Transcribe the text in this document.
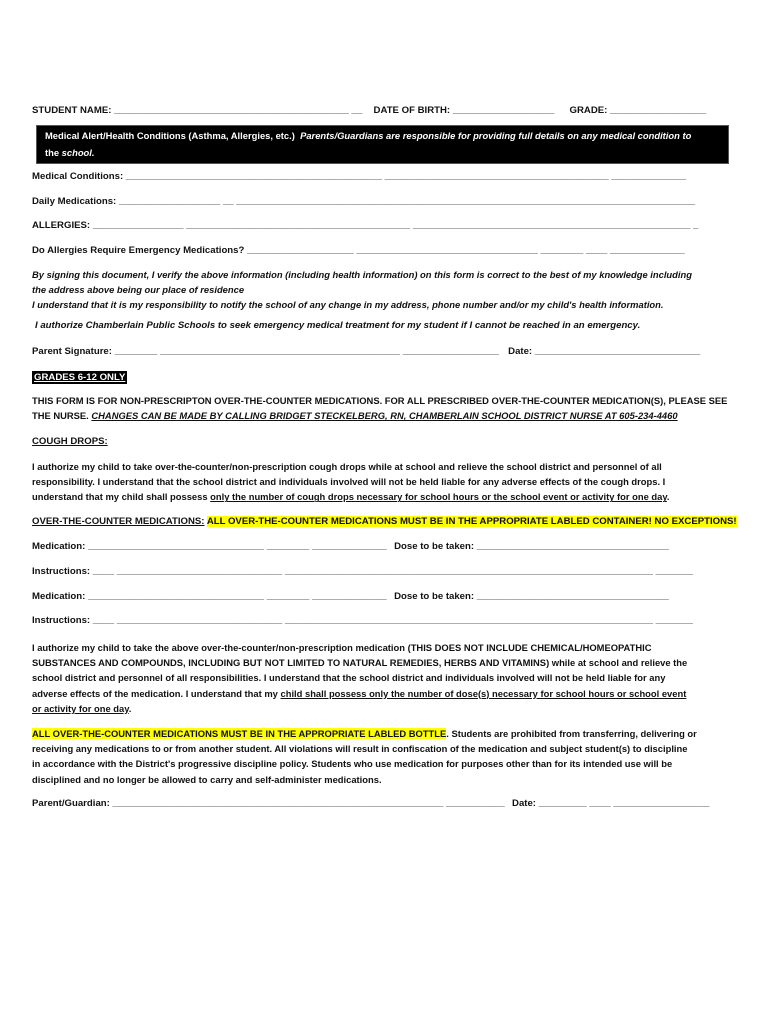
STUDENT NAME: ____________________________________________ __ DATE OF BIRTH: ___________________ GRADE: __________________

Medical Alert/Health Conditions (Asthma, Allergies, etc.) Parents/Guardians are responsible for providing full details on any medical condition to

the school.

Medical Conditions: ________________________________________________ __________________________________________ ______________
Daily Medications: ___________________ __ ______________________________________________________________________________________
ALLERGIES: _________________ __________________________________________ ____________________________________________________ _
Do Allergies Require Emergency Medications? ____________________ __________________________________ ________ ____ ______________

By signing this document, I verify the above information (including health information) on this form is correct to the best of my knowledge including

the address above being our place of residence

I understand that it is my responsibility to notify the school of any change in my address, phone number and/or my child's health information.

I authorize Chamberlain Public Schools to seek emergency medical treatment for my student if I cannot be reached in an emergency.
Parent Signature: ________ _____________________________________________ __________________ Date: _______________________________
GRADES 6-12 ONLY

THIS FORM IS FOR NON-PRESCRIPTON OVER-THE-COUNTER MEDICATIONS. FOR ALL PRESCRIBED OVER-THE-COUNTER MEDICATION(S), PLEASE SEE

THE NURSE. CHANGES CAN BE MADE BY CALLING BRIDGET STECKELBERG, RN, CHAMBERLAIN SCHOOL DISTRICT NURSE AT 605-234-4460

COUGH DROPS:

I authorize my child to take over-the-counter/non-prescription cough drops while at school and relieve the school district and personnel of all

responsibility. I understand that the school district and individuals involved will not be held liable for any adverse effects of the cough drops. I

understand that my child shall possess only the number of cough drops necessary for school hours or the school event or activity for one day.

OVER-THE-COUNTER MEDICATIONS: ALL OVER-THE-COUNTER MEDICATIONS MUST BE IN THE APPROPRIATE LABLED CONTAINER! NO EXCEPTIONS!
Medication: _________________________________ ________ ______________ Dose to be taken: ____________________________________
Instructions: ____ _______________________________ _____________________________________________________________________ _______
Medication: _________________________________ ________ ______________ Dose to be taken: ____________________________________
Instructions: ____ _______________________________ _____________________________________________________________________ _______

I authorize my child to take the above over-the-counter/non-prescription medication (THIS DOES NOT INCLUDE CHEMICAL/HOMEOPATHIC

SUBSTANCES AND COMPOUNDS, INCLUDING BUT NOT LIMITED TO NATURAL REMEDIES, HERBS AND VITAMINS) while at school and relieve the

school district and personnel of all responsibilities. I understand that the school district and individuals involved will not be held liable for any

adverse effects of the medication. I understand that my child shall possess only the number of dose(s) necessary for school hours or school event

or activity for one day.

ALL OVER-THE-COUNTER MEDICATIONS MUST BE IN THE APPROPRIATE LABLED BOTTLE. Students are prohibited from transferring, delivering or

receiving any medications to or from another student. All violations will result in confiscation of the medication and subject student(s) to discipline

in accordance with the District's progressive discipline policy. Students who use medication for purposes other than for its intended use will be

disciplined and no longer be allowed to carry and self-administer medications.

Parent/Guardian: ______________________________________________________________ ___________ Date: _________ ____ __________________
